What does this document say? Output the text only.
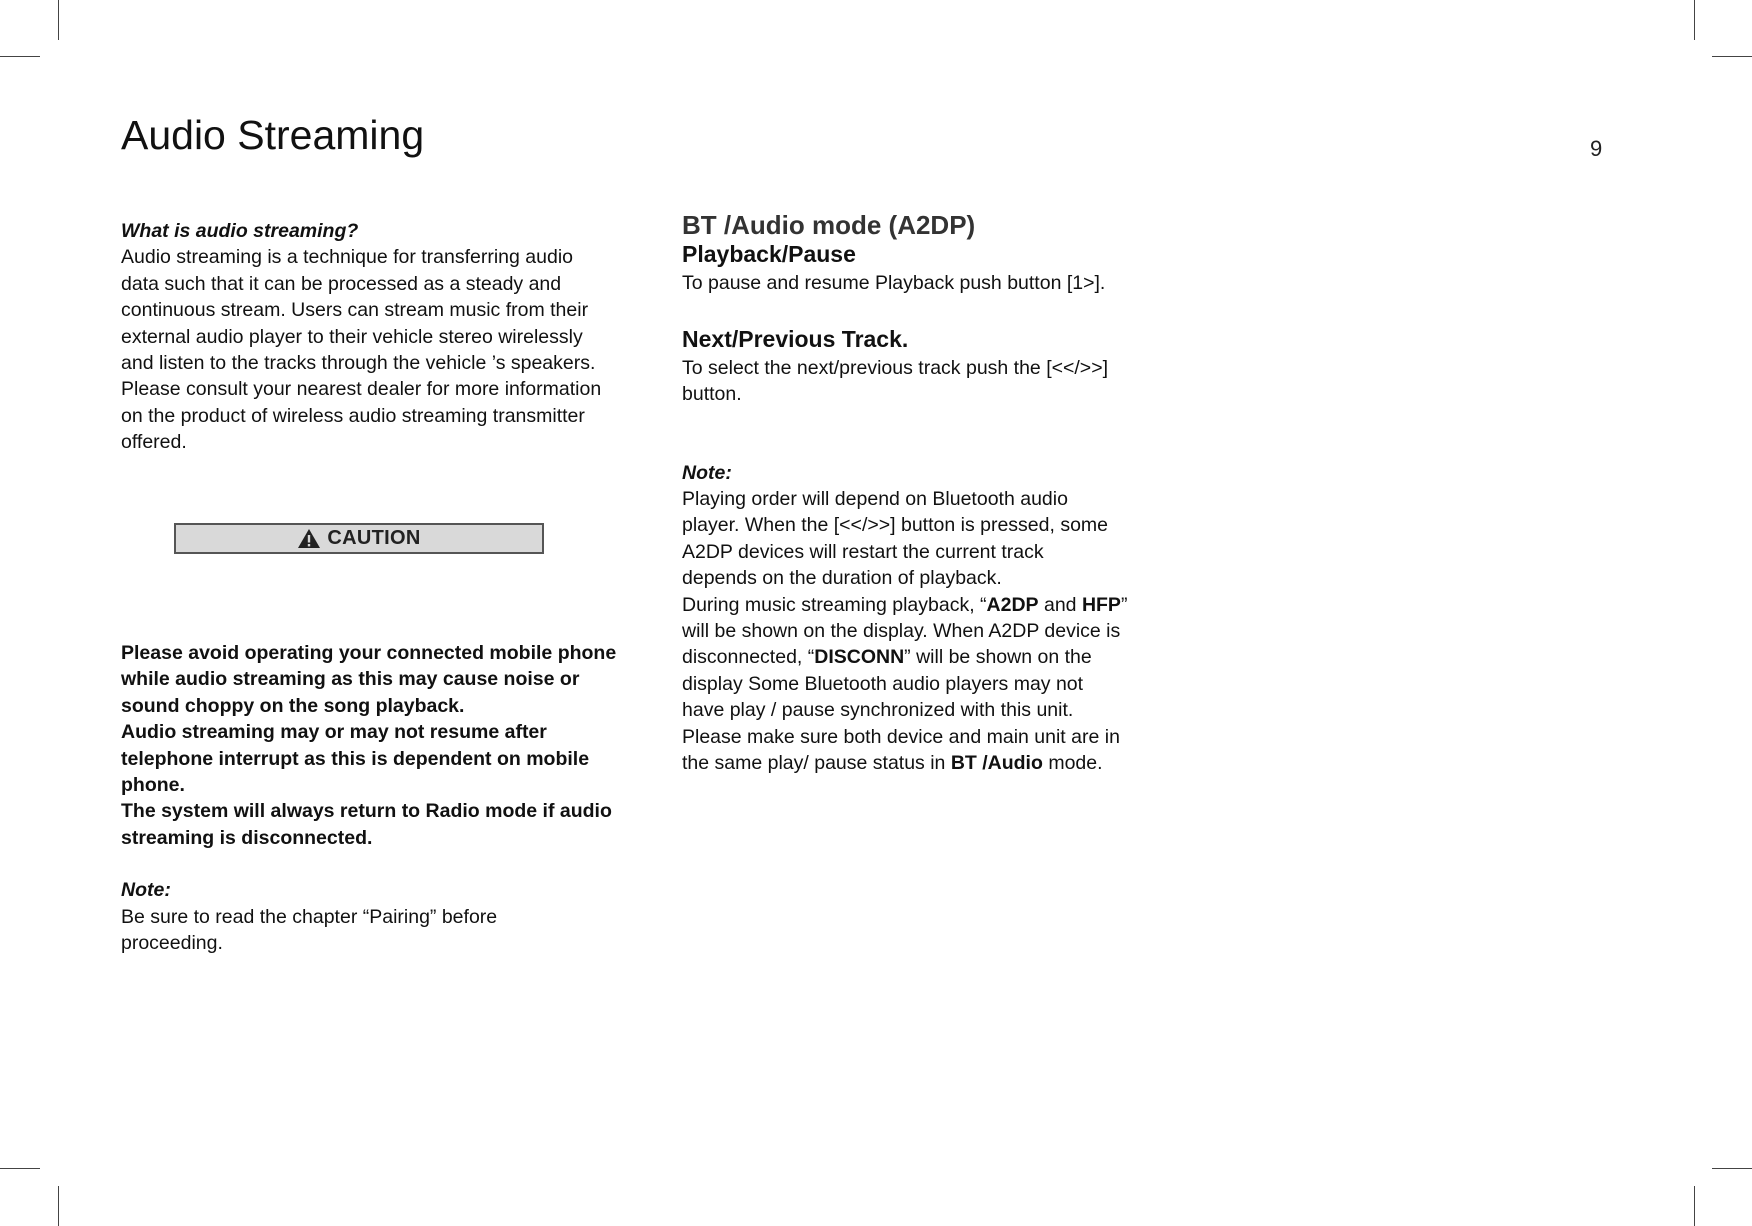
Audio Streaming	9

What is audio streaming?

Audio streaming is a technique for transferring audio

data such that it can be processed as a steady and

continuous stream. Users can stream music from their

external audio player to their vehicle stereo wirelessly

and listen to the tracks through the vehicle ’s speakers.

Please consult your nearest dealer for more information

on the product of wireless audio streaming transmitter

offered.

CAUTION

Please avoid operating your connected mobile phone

while audio streaming as this may cause noise or

sound choppy on the song playback.

Audio streaming may or may not resume after

telephone interrupt as this is dependent on mobile

phone.

The system will always return to Radio mode if audio

streaming is disconnected.

Note:

Be sure to read the chapter “Pairing” before

proceeding.

BT /Audio mode (A2DP)

Playback/Pause

To pause and resume Playback push button [1>].

Next/Previous Track.

To select the next/previous track push the [<</>>]

button.

Note:

Playing order will depend on Bluetooth audio

player. When the [<</>>] button is pressed, some

A2DP devices will restart the current track

depends on the duration of playback.

During music streaming playback, “A2DP and HFP”

will be shown on the display. When A2DP device is

disconnected, “DISCONN” will be shown on the

display Some Bluetooth audio players may not

have play / pause synchronized with this unit.

Please make sure both device and main unit are in

the same play/ pause status in BT /Audio mode.
